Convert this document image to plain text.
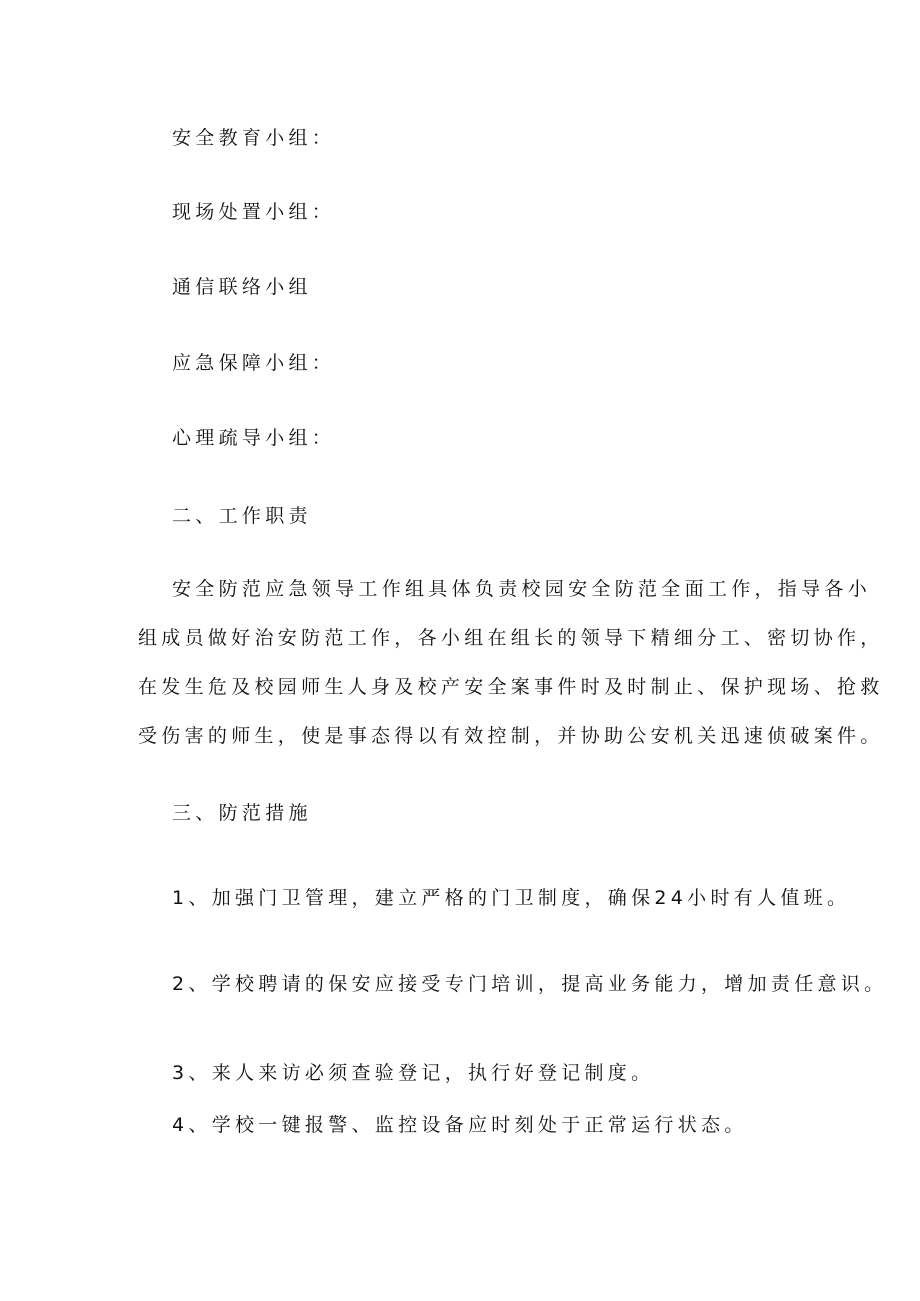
安全教育小组：
现场处置小组：
通信联络小组
应急保障小组：
心理疏导小组：
二、工作职责
安全防范应急领导工作组具体负责校园安全防范全面工作，指导各小
组成员做好治安防范工作，各小组在组长的领导下精细分工、密切协作，
在发生危及校园师生人身及校产安全案事件时及时制止、保护现场、抢救
受伤害的师生，使是事态得以有效控制，并协助公安机关迅速侦破案件。
三、防范措施
1、加强门卫管理，建立严格的门卫制度，确保24小时有人值班。
2、学校聘请的保安应接受专门培训，提高业务能力，增加责任意识。
3、来人来访必须查验登记，执行好登记制度。
4、学校一键报警、监控设备应时刻处于正常运行状态。
